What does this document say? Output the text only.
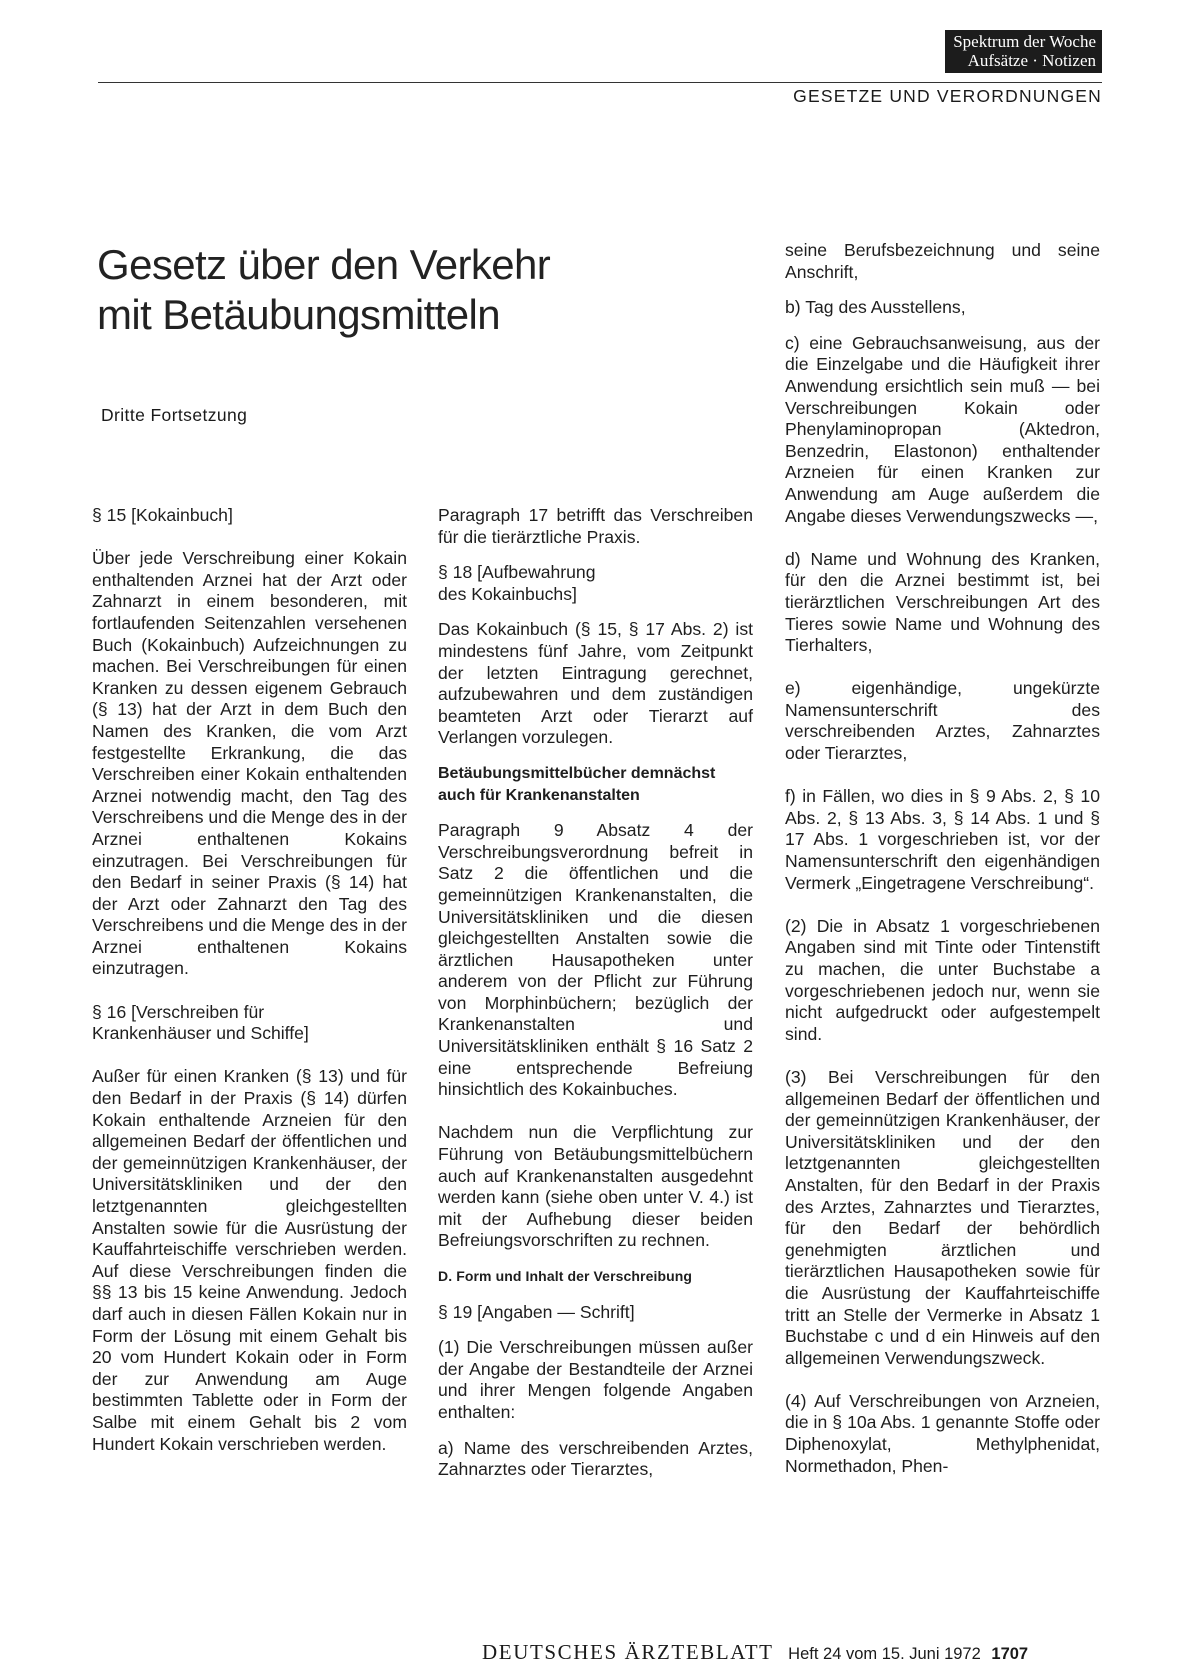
Spektrum der Woche
Aufsätze · Notizen
GESETZE UND VERORDNUNGEN
Gesetz über den Verkehr
mit Betäubungsmitteln
Dritte Fortsetzung

§ 15 [Kokainbuch]

Über jede Verschreibung einer Kokain enthaltenden Arznei hat der Arzt oder Zahnarzt in einem besonderen, mit fortlaufenden Seitenzahlen versehenen Buch (Kokainbuch) Aufzeichnungen zu machen. Bei Verschreibungen für einen Kranken zu dessen eigenem Gebrauch (§ 13) hat der Arzt in dem Buch den Namen des Kranken, die vom Arzt festgestellte Erkrankung, die das Verschreiben einer Kokain enthaltenden Arznei notwendig macht, den Tag des Verschreibens und die Menge des in der Arznei enthaltenen Kokains einzutragen. Bei Verschreibungen für den Bedarf in seiner Praxis (§ 14) hat der Arzt oder Zahnarzt den Tag des Verschreibens und die Menge des in der Arznei enthaltenen Kokains einzutragen.

§ 16 [Verschreiben für
Krankenhäuser und Schiffe]

Außer für einen Kranken (§ 13) und für den Bedarf in der Praxis (§ 14) dürfen Kokain enthaltende Arzneien für den allgemeinen Bedarf der öffentlichen und der gemeinnützigen Krankenhäuser, der Universitätskliniken und der den letztgenannten gleichgestellten Anstalten sowie für die Ausrüstung der Kauffahrteischiffe verschrieben werden. Auf diese Verschreibungen finden die §§ 13 bis 15 keine Anwendung. Jedoch darf auch in diesen Fällen Kokain nur in Form der Lösung mit einem Gehalt bis 20 vom Hundert Kokain oder in Form der zur Anwendung am Auge bestimmten Tablette oder in Form der Salbe mit einem Gehalt bis 2 vom Hundert Kokain verschrieben werden.

Paragraph 17 betrifft das Verschreiben für die tierärztliche Praxis.

§ 18 [Aufbewahrung
des Kokainbuchs]

Das Kokainbuch (§ 15, § 17 Abs. 2) ist mindestens fünf Jahre, vom Zeitpunkt der letzten Eintragung gerechnet, aufzubewahren und dem zuständigen beamteten Arzt oder Tierarzt auf Verlangen vorzulegen.

Betäubungsmittelbücher demnächst
auch für Krankenanstalten

Paragraph 9 Absatz 4 der Verschreibungsverordnung befreit in Satz 2 die öffentlichen und die gemeinnützigen Krankenanstalten, die Universitätskliniken und die diesen gleichgestellten Anstalten sowie die ärztlichen Hausapotheken unter anderem von der Pflicht zur Führung von Morphinbüchern; bezüglich der Krankenanstalten und Universitätskliniken enthält § 16 Satz 2 eine entsprechende Befreiung hinsichtlich des Kokainbuches.

Nachdem nun die Verpflichtung zur Führung von Betäubungsmittelbüchern auch auf Krankenanstalten ausgedehnt werden kann (siehe oben unter V. 4.) ist mit der Aufhebung dieser beiden Befreiungsvorschriften zu rechnen.

D. Form und Inhalt der Verschreibung

§ 19 [Angaben — Schrift]

(1) Die Verschreibungen müssen außer der Angabe der Bestandteile der Arznei und ihrer Mengen folgende Angaben enthalten:

a) Name des verschreibenden Arztes, Zahnarztes oder Tierarztes,

seine Berufsbezeichnung und seine Anschrift,

b) Tag des Ausstellens,

c) eine Gebrauchsanweisung, aus der die Einzelgabe und die Häufigkeit ihrer Anwendung ersichtlich sein muß — bei Verschreibungen Kokain oder Phenylaminopropan (Aktedron, Benzedrin, Elastonon) enthaltender Arzneien für einen Kranken zur Anwendung am Auge außerdem die Angabe dieses Verwendungszwecks —,

d) Name und Wohnung des Kranken, für den die Arznei bestimmt ist, bei tierärztlichen Verschreibungen Art des Tieres sowie Name und Wohnung des Tierhalters,

e) eigenhändige, ungekürzte Namensunterschrift des verschreibenden Arztes, Zahnarztes oder Tierarztes,

f) in Fällen, wo dies in § 9 Abs. 2, § 10 Abs. 2, § 13 Abs. 3, § 14 Abs. 1 und § 17 Abs. 1 vorgeschrieben ist, vor der Namensunterschrift den eigenhändigen Vermerk „Eingetragene Verschreibung“.

(2) Die in Absatz 1 vorgeschriebenen Angaben sind mit Tinte oder Tintenstift zu machen, die unter Buchstabe a vorgeschriebenen jedoch nur, wenn sie nicht aufgedruckt oder aufgestempelt sind.

(3) Bei Verschreibungen für den allgemeinen Bedarf der öffentlichen und der gemeinnützigen Krankenhäuser, der Universitätskliniken und der den letztgenannten gleichgestellten Anstalten, für den Bedarf in der Praxis des Arztes, Zahnarztes und Tierarztes, für den Bedarf der behördlich genehmigten ärztlichen und tierärztlichen Hausapotheken sowie für die Ausrüstung der Kauffahrteischiffe tritt an Stelle der Vermerke in Absatz 1 Buchstabe c und d ein Hinweis auf den allgemeinen Verwendungszweck.

(4) Auf Verschreibungen von Arzneien, die in § 10a Abs. 1 genannte Stoffe oder Diphenoxylat, Methylphenidat, Normethadon, Phen-

DEUTSCHES ÄRZTEBLATT Heft 24 vom 15. Juni 1972 1707
